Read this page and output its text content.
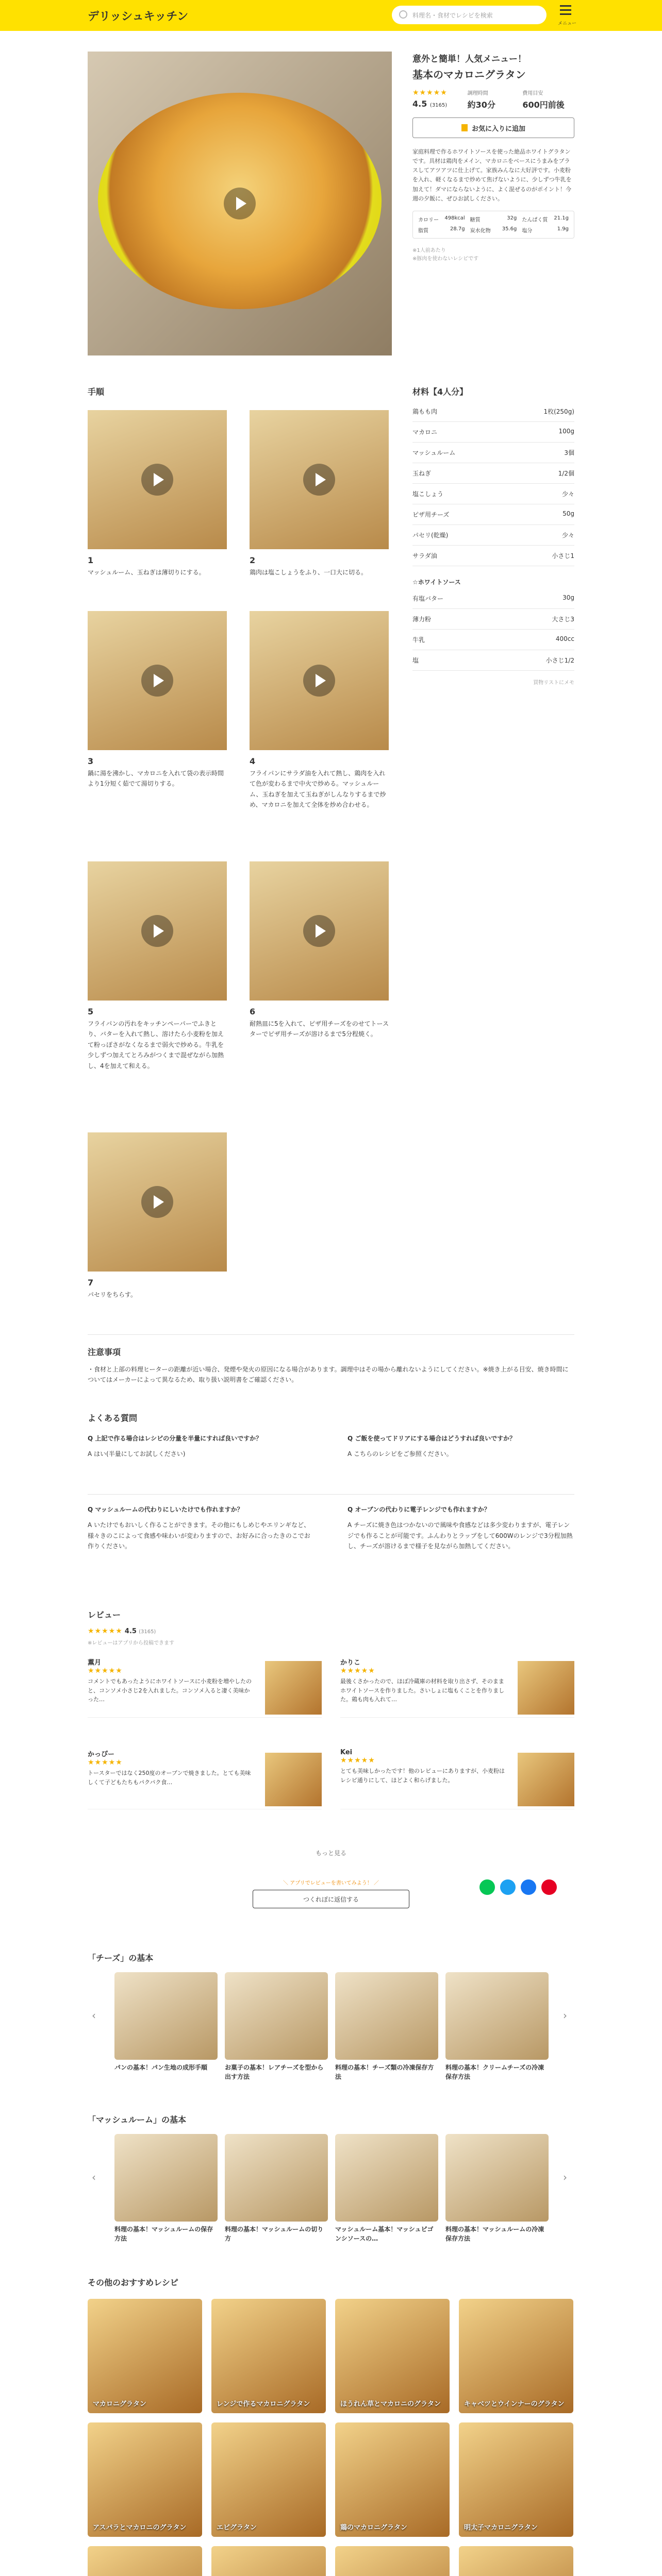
デリッシュキッチン	料理名・食材でレシピを検索
メニュー
意外と簡単！人気メニュー！
基本のマカロニグラタン
★★★★★
4.5 (3165)
調理時間
約30分
費用目安
600円前後
お気に入りに追加
家庭料理で作るホワイトソースを使った絶品ホワイトグラタンです。具材は鶏肉をメイン、マカロニをベースにうまみをプラスしてアツアツに仕上げて。家族みんなに大好評です。小麦粉を入れ、軽くなるまで炒めて焦げないように、少しずつ牛乳を加えて！ダマにならないように、よく混ぜるのがポイント！今週の夕飯に、ぜひお試しください。
カロリー 498kcal 糖質	32g たんぱく質 21.1g
脂質	28.7g 炭水化物 35.6g 塩分	1.9g
※1人前あたり
※豚肉を使わないレシピです
手順
1
マッシュルーム、玉ねぎは薄切りにする。
2
鶏肉は塩こしょうをふり、一口大に切る。
3
鍋に湯を沸かし、マカロニを入れて袋の表示時間より1分短く茹でて湯切りする。
4
フライパンにサラダ油を入れて熱し、鶏肉を入れて色が変わるまで中火で炒める。マッシュルーム、玉ねぎを加えて玉ねぎがしんなりするまで炒め、マカロニを加えて全体を炒め合わせる。
5
フライパンの汚れをキッチンペーパーでふきとり、バターを入れて熱し、溶けたら小麦粉を加えて粉っぽさがなくなるまで弱火で炒める。牛乳を少しずつ加えてとろみがつくまで混ぜながら加熱し、4を加えて和える。
6
耐熱皿に5を入れて、ピザ用チーズをのせてトースターでピザ用チーズが溶けるまで5分程焼く。
7
パセリをちらす。
材料【4人分】
鶏もも肉	1枚(250g)
マカロニ	100g
マッシュルーム	3個
玉ねぎ	1/2個
塩こしょう	少々
ピザ用チーズ	50g
パセリ(乾燥)	少々
サラダ油	小さじ1
☆ホワイトソース
有塩バター	30g
薄力粉	大さじ3
牛乳	400cc
塩	小さじ1/2
買物リストにメモ
注意事項
・食材と上部の料理ヒーターの距離が近い場合、発煙や発火の原因になる場合があります。調理中はその場から離れないようにしてください。※焼き上がる目安、焼き時間についてはメーカーによって異なるため、取り扱い説明書をご確認ください。
よくある質問
Q 上記で作る場合はレシピの分量を半量にすれば良いですか？
A はい(半量にしてお試しください)
Q ご飯を使ってドリアにする場合はどうすれば良いですか？
A こちらのレシピをご参照ください。
Q マッシュルームの代わりにしいたけでも作れますか？
A いたけでもおいしく作ることができます。その他にもしめじやエリンギなど、様々きのこによって食感や味わいが変わりますので、お好みに合ったきのこでお作りください。
Q オーブンの代わりに電子レンジでも作れますか？
A チーズに焼き色はつかないので風味や食感などは多少変わりますが、電子レンジでも作ることが可能です。ふんわりとラップをして600Wのレンジで3分程加熱し、チーズが溶けるまで様子を見ながら加熱してください。
レビュー
★★★★★ 4.5 (3165)
※レビューはアプリから投稿できます
薫月
★★★★★
コメントでもあったようにホワイトソースに小麦粉を増やしたのと、コンソメ小さじ2を入れました。コンソメ入ると凄く美味かった…
かりこ
★★★★★
最後くさかったので、ほぼ冷蔵庫の材料を取り出さず、そのままホワイトソースを作りました。さいしょに塩もくことを作りました。鶏も肉も入れて…
かっぴー
★★★★★
トースターではなく250度のオーブンで焼きました。とても美味しくて子どもたちもパクパク食…
Kei
★★★★★
とても美味しかったです！他のレビューにありますが、小麦粉はレシピ通りにして、ほどよく和らげました。
もっと見る
＼ アプリでレビューを書いてみよう！ ／
つくれぽに返信する
「チーズ」の基本
‹
パンの基本！パン生地の成形手順	お菓子の基本！レアチーズを型から出す方法
料理の基本！チーズ類の冷凍保存方法
料理の基本！クリームチーズの冷凍保存方法
›
「マッシュルーム」の基本
‹
料理の基本！マッシュルームの保存方法
料理の基本！マッシュルームの切り方
マッシュルーム基本！マッシュピゴンシソースの…
料理の基本！マッシュルームの冷凍保存方法
›
その他のおすすめレシピ
マカロニグラタン	レンジで作るマカロニグラタン	ほうれん草とマカロニのグラタン	キャベツとウインナーのグラタン
アスパラとマカロニのグラタン	エビグラタン	鶏のマカロニグラタン	明太子マカロニグラタン
